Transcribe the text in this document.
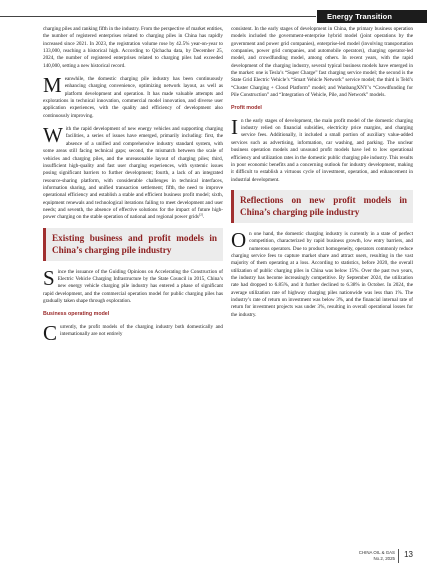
Energy Transition

charging piles and ranking fifth in the industry. From the perspective of market entities, the number of registered enterprises related to charging piles in China has rapidly increased since 2021. In 2023, the registration volume rose by 42.5% year-on-year to 133,000, reaching a historical high. According to Qichacha data, by December 25, 2024, the number of registered enterprises related to charging piles had exceeded 140,000, setting a new historical record.

Meanwhile, the domestic charging pile industry has been continuously enhancing charging convenience, optimizing network layout, as well as platform development and operation. It has made valuable attempts and explorations in technical innovation, commercial model innovation, and diverse user application experiences, with the quality and efficiency of development also continuously improving.

With the rapid development of new energy vehicles and supporting charging facilities, a series of issues have emerged, primarily including: first, the absence of a unified and comprehensive industry standard system, with some areas still facing technical gaps; second, the mismatch between the scale of vehicles and charging piles, and the unreasonable layout of charging piles; third, insufficient high-quality and fast user charging experiences, with systemic issues posing significant barriers to further development; fourth, a lack of an integrated resource-sharing platform, with considerable challenges in technical interfaces, information sharing, and unified transaction settlement; fifth, the need to improve operational efficiency and establish a stable and efficient business profit model; sixth, equipment renewals and technological iterations failing to meet development and user needs; and seventh, the absence of effective solutions for the impact of future high-power charging on the stable operation of national and regional power grids[2].

Existing business and profit models in China’s charging pile industry

Since the issuance of the Guiding Opinions on Accelerating the Construction of Electric Vehicle Charging Infrastructure by the State Council in 2015, China’s new energy vehicle charging pile industry has entered a phase of significant rapid development, and the commercial operation model for public charging piles has gradually taken shape through exploration.

Business operating model

Currently, the profit models of the charging industry both domestically and internationally are not entirely

consistent. In the early stages of development in China, the primary business operation models included the government-enterprise hybrid model (joint operations by the government and power grid companies), enterprise-led model (involving transportation companies, power grid companies, and automobile operators), charging operator-led model, and crowdfunding model, among others. In recent years, with the rapid development of the charging industry, several typical business models have emerged in the market: one is Tesla’s “Super Charge” fast charging service model; the second is the State Grid Electric Vehicle’s “Smart Vehicle Network” service model; the third is Teld’s “Cluster Charging + Cloud Platform” model; and WanbangXNY’s “Crowdfunding for Pile Construction” and “Integration of Vehicle, Pile, and Network” models.

Profit model

In the early stages of development, the main profit model of the domestic charging industry relied on financial subsidies, electricity price margins, and charging service fees. Additionally, it included a small portion of auxiliary value-added services such as advertising, information, car washing, and parking. The unclear business operation models and unsound profit models have led to low operational efficiency and utilization rates in the domestic public charging pile industry. This results in poor economic benefits and a concerning outlook for industry development, making it difficult to establish a virtuous cycle of investment, operation, and enhancement in industrial development.

Reflections on new profit models in China’s charging pile industry

On one hand, the domestic charging industry is currently in a state of perfect competition, characterized by rapid business growth, low entry barriers, and numerous operators. Due to product homogeneity, operators commonly reduce charging service fees to capture market share and attract users, resulting in the vast majority of them operating at a loss. According to statistics, before 2020, the overall utilization of public charging piles in China was below 15%. Over the past two years, the industry has become increasingly competitive. By September 2024, the utilization rate had dropped to 6.85%, and it further declined to 6.38% in October. In 2024, the average utilization rate of highway charging piles nationwide was less than 1%. The industry’s rate of return on investment was below 3%, and the financial internal rate of return for investment projects was under 3%, resulting in overall operational losses for the industry.

CHINA OIL & GAS
No.2, 2025 13
